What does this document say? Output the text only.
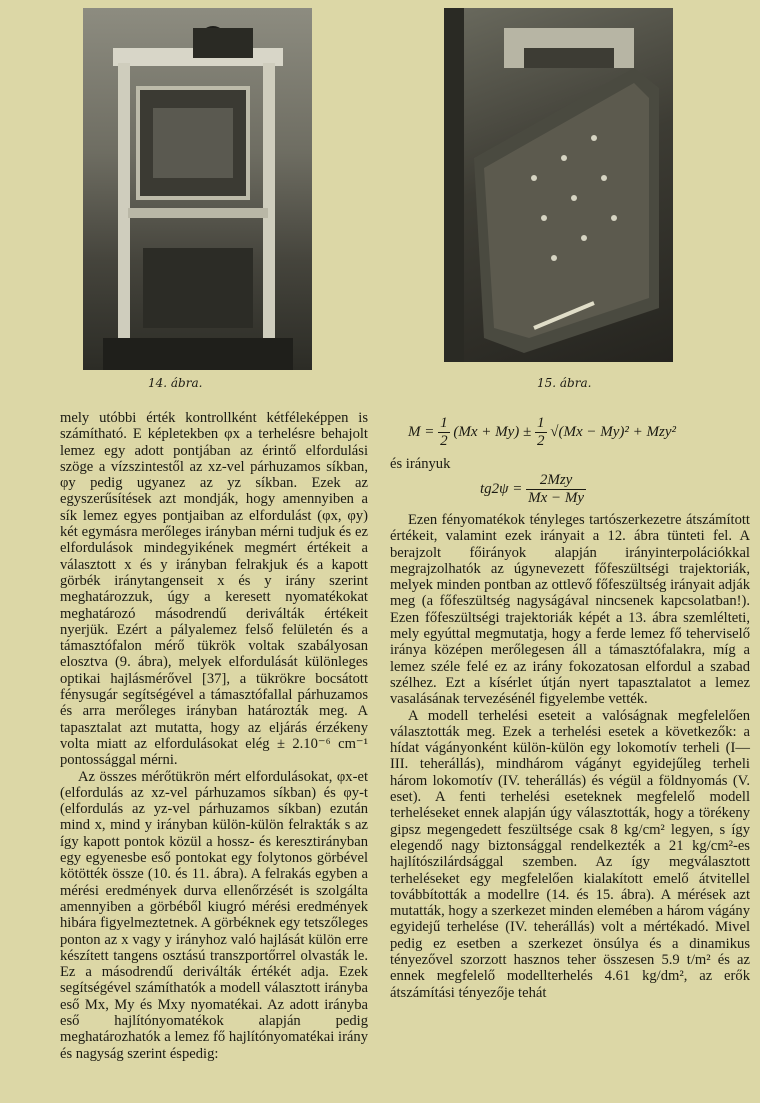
14. ábra.	15. ábra.

mely utóbbi érték kontrollként kétféleképpen is számítható. E képletekben φx a terhelésre behajolt lemez egy adott pontjában az érintő elfordulási szöge a vízszintestől az xz-vel párhuzamos síkban, φy pedig ugyanez az yz síkban. Ezek az egyszerűsítések azt mondják, hogy amennyiben a sík lemez egyes pontjaiban az elfordulást (φx, φy) két egymásra merőleges irányban mérni tudjuk és ez elfordulások mindegyikének megmért értékeit a választott x és y irányban felrakjuk és a kapott görbék iránytangenseit x és y irány szerint meghatározzuk, úgy a keresett nyomatékokat meghatározó másodrendű deriválták értékeit nyerjük. Ezért a pályalemez felső felületén és a támasztófalon mérő tükrök voltak szabályosan elosztva (9. ábra), melyek elfordulását különleges optikai hajlásmérővel [37], a tükrökre bocsátott fénysugár segítségével a támasztófallal párhuzamos és arra merőleges irányban határozták meg. A tapasztalat azt mutatta, hogy az eljárás érzékeny volta miatt az elfordulásokat elég ± 2.10⁻⁶ cm⁻¹ pontossággal mérni.

Az összes mérőtükrön mért elfordulásokat, φx-et (elfordulás az xz-vel párhuzamos síkban) és φy-t (elfordulás az yz-vel párhuzamos síkban) ezután mind x, mind y irányban külön-külön felrakták s az így kapott pontok közül a hossz- és keresztirányban egy egyenesbe eső pontokat egy folytonos görbével kötötték össze (10. és 11. ábra). A felrakás egyben a mérési eredmények durva ellenőrzését is szolgálta amennyiben a görbéből kiugró mérési eredmények hibára figyelmeztetnek. A görbéknek egy tetszőleges ponton az x vagy y irányhoz való hajlását külön erre készített tangens osztású transzportőrrel olvasták le. Ez a másodrendű deriválták értékét adja. Ezek segítségével számíthatók a modell választott irányba eső Mx, My és Mxy nyomatékai. Az adott irányba eső hajlítónyomatékok alapján pedig meghatározhatók a lemez fő hajlítónyomatékai irány és nagyság szerint éspedig:

$M = \frac{1}{2} (Mx + My) \pm \frac{1}{2} √(Mx - My)^2 + Mzy^2$
és irányuk
$tg2\psi = \frac{\text{2Mzy}}{Mx - My}$

Ezen fényomatékok tényleges tartószerkezetre átszámított értékeit, valamint ezek irányait a 12. ábra tünteti fel. A berajzolt főirányok alapján irányinterpolációkkal megrajzolhatók az úgynevezett főfeszültségi trajektoriák, melyek minden pontban az ottlevő főfeszültség irányait adják meg (a főfeszültség nagyságával nincsenek kapcsolatban!). Ezen főfeszültségi trajektoriák képét a 13. ábra szemlélteti, mely egyúttal megmutatja, hogy a ferde lemez fő teherviselő iránya középen merőlegesen áll a támasztófalakra, míg a lemez széle felé ez az irány fokozatosan elfordul a szabad szélhez. Ezt a kísérlet útján nyert tapasztalatot a lemez vasalásának tervezésénél figyelembe vették.

A modell terhelési eseteit a valóságnak megfelelően választották meg. Ezek a terhelési esetek a következők: a hídat vágányonként külön-külön egy lokomotív terheli (I—III. teherállás), mindhárom vágányt egyidejűleg terheli három lokomotív (IV. teherállás) és végül a földnyomás (V. eset). A fenti terhelési eseteknek megfelelő modell terheléseket ennek alapján úgy választották, hogy a törékeny gipsz megengedett feszültsége csak 8 kg/cm² legyen, s így elegendő nagy biztonsággal rendelkezték a 21 kg/cm²-es hajlítószilárdsággal szemben. Az így megválasztott terheléseket egy megfelelően kialakított emelő átvitellel továbbították a modellre (14. és 15. ábra). A mérések azt mutatták, hogy a szerkezet minden elemében a három vágány egyidejű terhelése (IV. teherállás) volt a mértékadó. Mivel pedig ez esetben a szerkezet önsúlya és a dinamikus tényezővel szorzott hasznos teher összesen 5.9 t/m² és az ennek megfelelő modellterhelés 4.61 kg/dm², az erők átszámítási tényezője tehát
